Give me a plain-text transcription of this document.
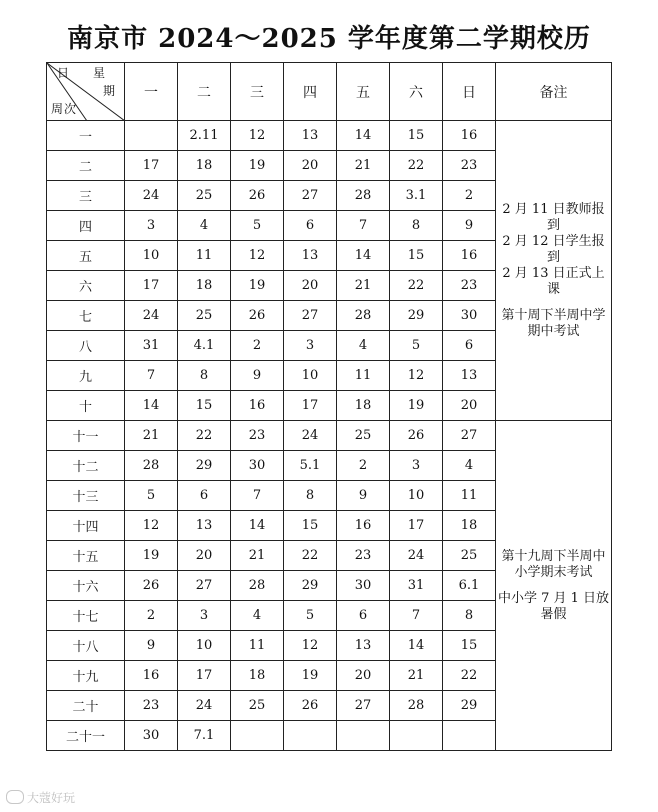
南京市 2024～2025 学年度第二学期校历
日 星
期
周 次	一	二	三	四	五	六	日	备注
一		2.11	12	13	14	15	16	2 月 11 日教师报到
2 月 12 日学生报到
2 月 13 日正式上课
第十周下半周中学
期中考试

二	17	18	19	20	21	22	23	
三	24	25	26	27	28	3.1	2	
四	3	4	5	6	7	8	9	
五	10	11	12	13	14	15	16	
六	17	18	19	20	21	22	23	
七	24	25	26	27	28	29	30	
八	31	4.1	2	3	4	5	6	
九	7	8	9	10	11	12	13	
十	14	15	16	17	18	19	20	
十一	21	22	23	24	25	26	27	第十九周下半周中
小学期末考试
中小学 7 月 1 日放
暑假

十二	28	29	30	5.1	2	3	4	
十三	5	6	7	8	9	10	11	
十四	12	13	14	15	16	17	18	
十五	19	20	21	22	23	24	25	
十六	26	27	28	29	30	31	6.1	
十七	2	3	4	5	6	7	8	
十八	9	10	11	12	13	14	15	
十九	16	17	18	19	20	21	22	
二十	23	24	25	26	27	28	29	
二十一	30	7.1						
大蔻好玩
